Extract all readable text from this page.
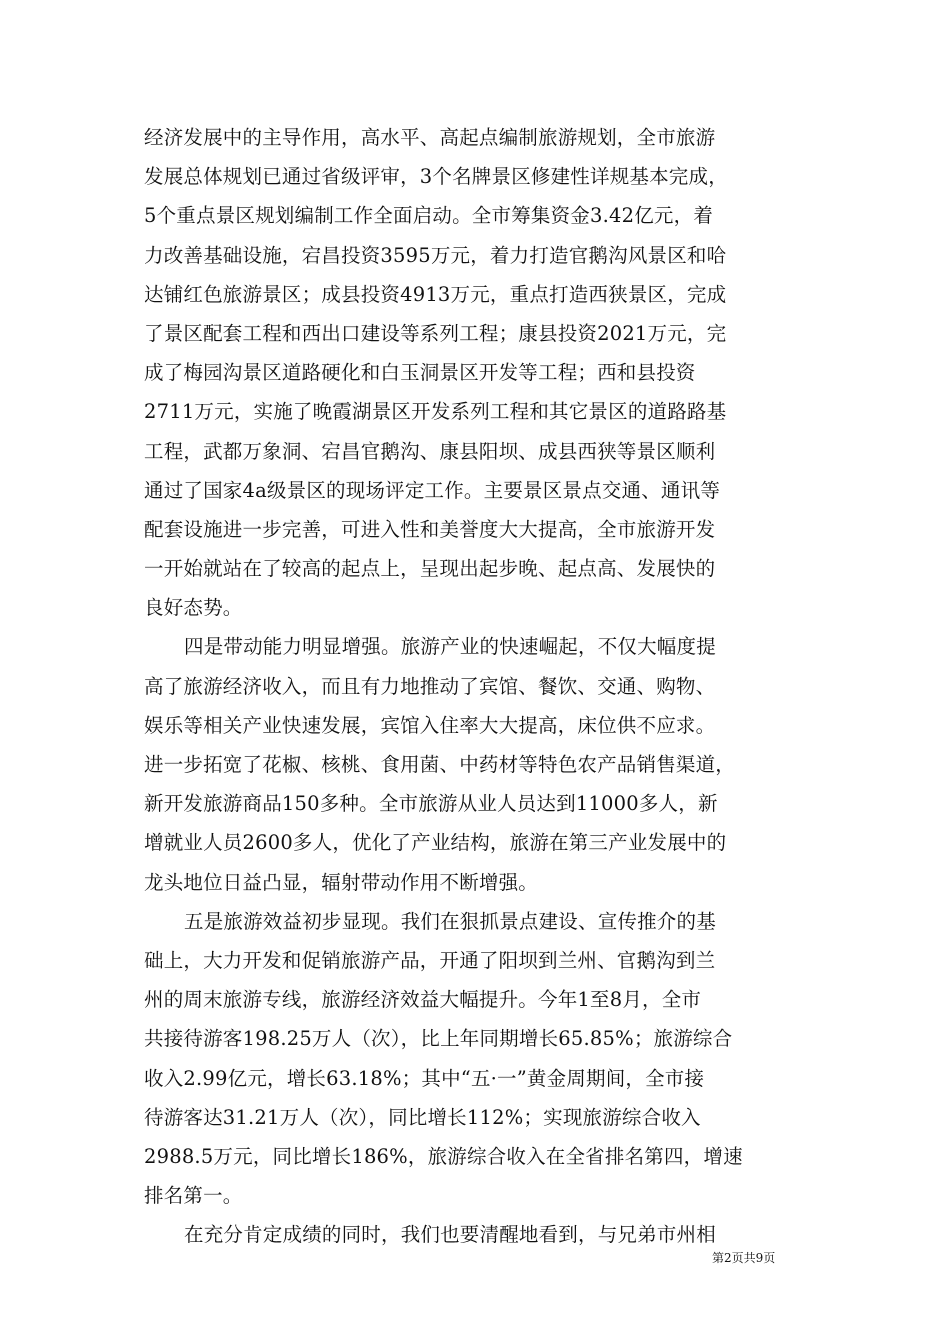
经济发展中的主导作用，高水平、高起点编制旅游规划，全市旅游
发展总体规划已通过省级评审，3个名牌景区修建性详规基本完成，
5个重点景区规划编制工作全面启动。全市筹集资金3.42亿元，着
力改善基础设施，宕昌投资3595万元，着力打造官鹅沟风景区和哈
达铺红色旅游景区；成县投资4913万元，重点打造西狭景区，完成
了景区配套工程和西出口建设等系列工程；康县投资2021万元，完
成了梅园沟景区道路硬化和白玉洞景区开发等工程；西和县投资
2711万元，实施了晚霞湖景区开发系列工程和其它景区的道路路基
工程，武都万象洞、宕昌官鹅沟、康县阳坝、成县西狭等景区顺利
通过了国家4a级景区的现场评定工作。主要景区景点交通、通讯等
配套设施进一步完善，可进入性和美誉度大大提高，全市旅游开发
一开始就站在了较高的起点上，呈现出起步晚、起点高、发展快的
良好态势。
四是带动能力明显增强。旅游产业的快速崛起，不仅大幅度提
高了旅游经济收入，而且有力地推动了宾馆、餐饮、交通、购物、
娱乐等相关产业快速发展，宾馆入住率大大提高，床位供不应求。
进一步拓宽了花椒、核桃、食用菌、中药材等特色农产品销售渠道，
新开发旅游商品150多种。全市旅游从业人员达到11000多人，新
增就业人员2600多人，优化了产业结构，旅游在第三产业发展中的
龙头地位日益凸显，辐射带动作用不断增强。
五是旅游效益初步显现。我们在狠抓景点建设、宣传推介的基
础上，大力开发和促销旅游产品，开通了阳坝到兰州、官鹅沟到兰
州的周末旅游专线，旅游经济效益大幅提升。今年1至8月，全市
共接待游客198.25万人（次），比上年同期增长65.85%；旅游综合
收入2.99亿元，增长63.18%；其中“五·一”黄金周期间，全市接
待游客达31.21万人（次），同比增长112%；实现旅游综合收入
2988.5万元，同比增长186%，旅游综合收入在全省排名第四，增速
排名第一。
在充分肯定成绩的同时，我们也要清醒地看到，与兄弟市州相
第2页共9页
